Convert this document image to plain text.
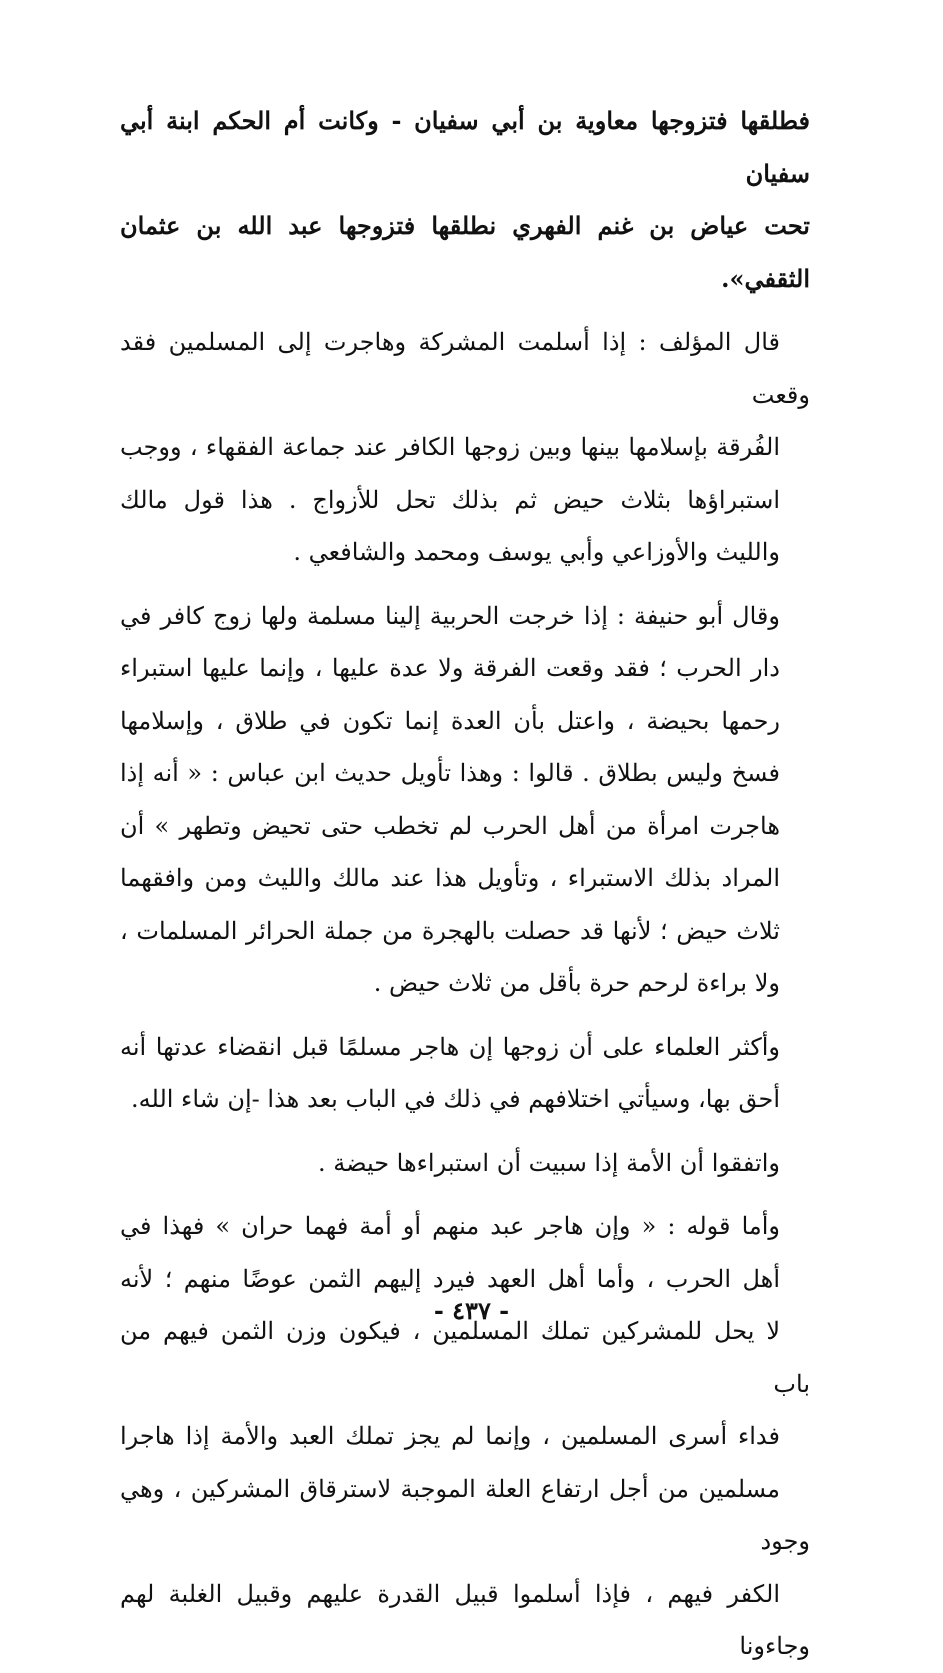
فطلقها فتزوجها معاوية بن أبي سفيان - وكانت أم الحكم ابنة أبي سفيان
تحت عياض بن غنم الفهري نطلقها فتزوجها عبد الله بن عثمان الثقفي».‏
قال المؤلف : إذا أسلمت المشركة وهاجرت إلى المسلمين فقد وقعت
الفُرقة بإسلامها بينها وبين زوجها الكافر عند جماعة الفقهاء ، ووجب
استبراؤها بثلاث حيض ثم بذلك تحل للأزواج . هذا قول مالك
والليث والأوزاعي وأبي يوسف ومحمد والشافعي .
وقال أبو حنيفة : إذا خرجت الحربية إلينا مسلمة ولها زوج كافر في
دار الحرب ؛ فقد وقعت الفرقة ولا عدة عليها ، وإنما عليها استبراء
رحمها بحيضة ، واعتل بأن العدة إنما تكون في طلاق ، وإسلامها
فسخ وليس بطلاق . قالوا : وهذا تأويل حديث ابن عباس : « أنه إذا
هاجرت امرأة من أهل الحرب لم تخطب حتى تحيض وتطهر » أن
المراد بذلك الاستبراء ، وتأويل هذا عند مالك والليث ومن وافقهما
ثلاث حيض ؛ لأنها قد حصلت بالهجرة من جملة الحرائر المسلمات ،
ولا براءة لرحم حرة بأقل من ثلاث حيض .
وأكثر العلماء على أن زوجها إن هاجر مسلمًا قبل انقضاء عدتها أنه
أحق بها، وسيأتي اختلافهم في ذلك في الباب بعد هذا -إن شاء الله.
واتفقوا أن الأمة إذا سبيت أن استبراءها حيضة .
وأما قوله : « وإن هاجر عبد منهم أو أمة فهما حران » فهذا في
أهل الحرب ، وأما أهل العهد فيرد إليهم الثمن عوضًا منهم ؛ لأنه
لا يحل للمشركين تملك المسلمين ، فيكون وزن الثمن فيهم من باب
فداء أسرى المسلمين ، وإنما لم يجز تملك العبد والأمة إذا هاجرا
مسلمين من أجل ارتفاع العلة الموجبة لاسترقاق المشركين ، وهي وجود
الكفر فيهم ، فإذا أسلموا قبيل القدرة عليهم وقبيل الغلبة لهم وجاءونا
- ٤٣٧ -
